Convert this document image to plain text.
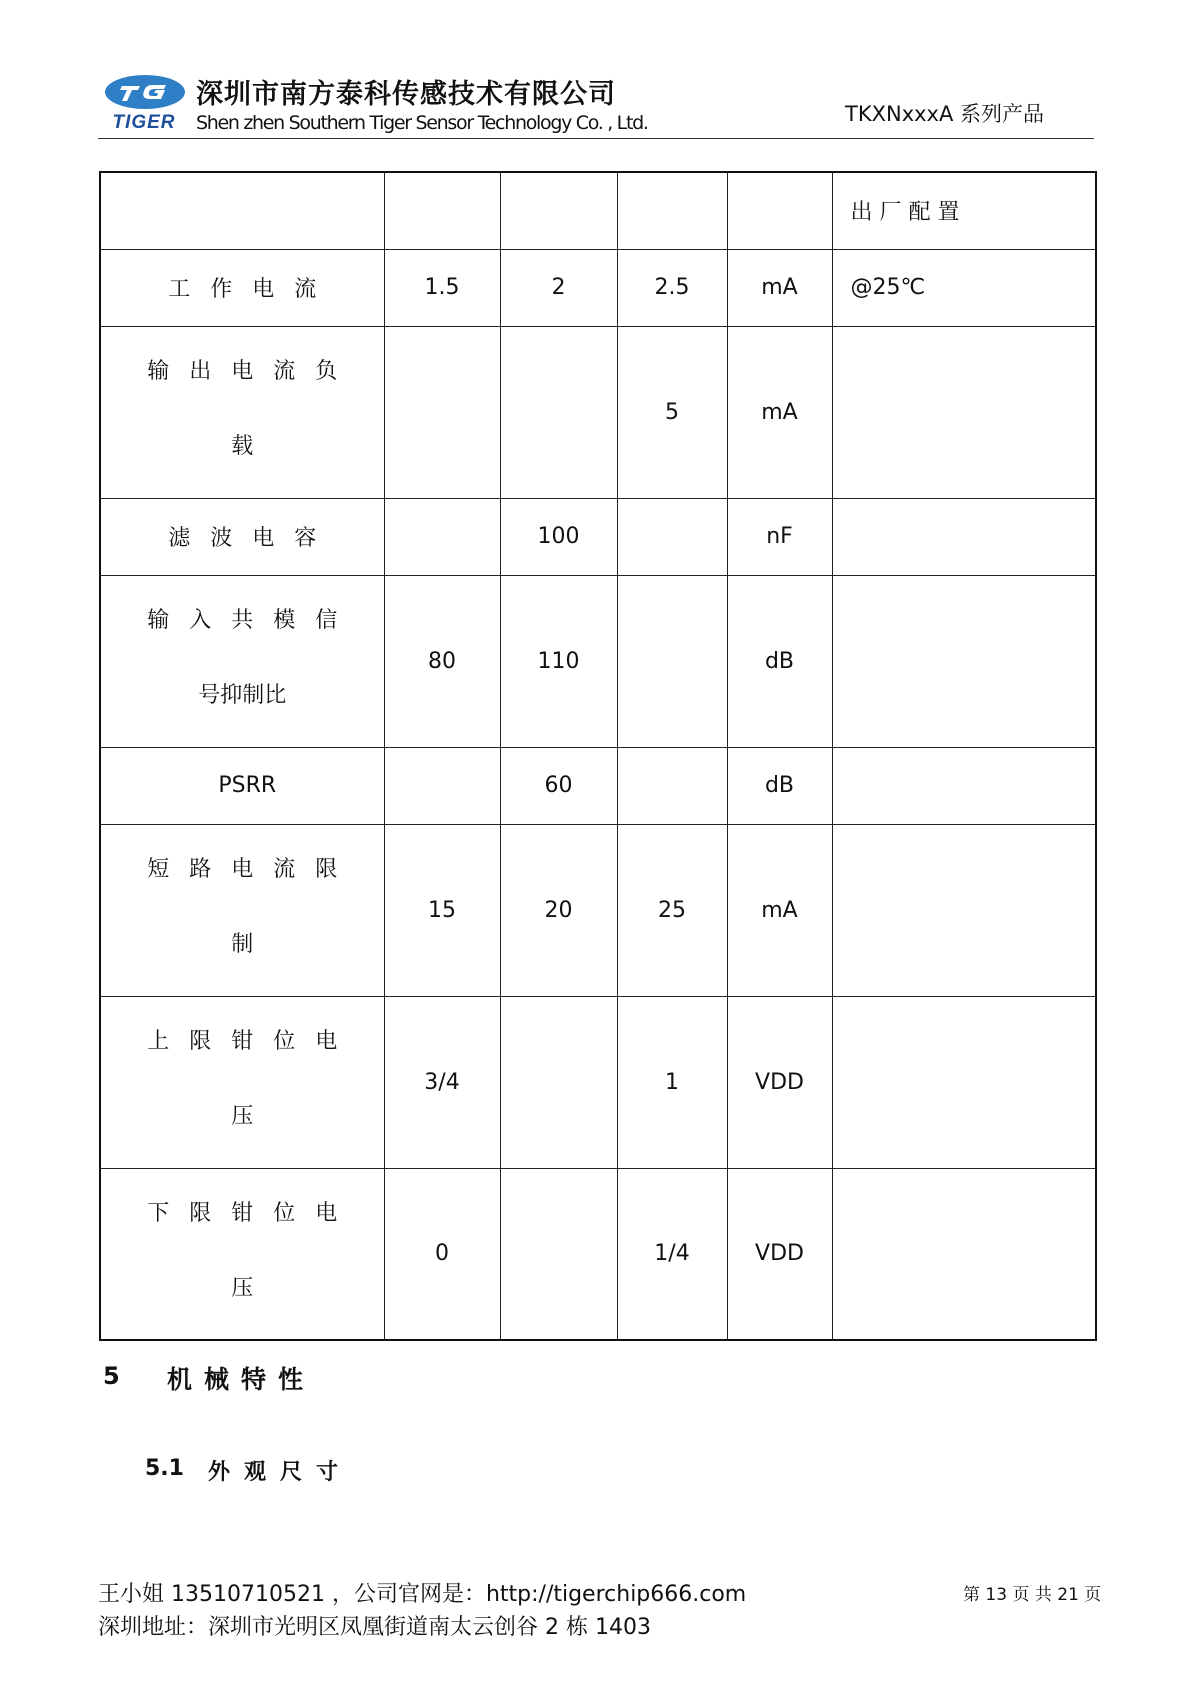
TIGER
深圳市南方泰科传感技术有限公司
Shen zhen Southern Tiger Sensor Technology Co. , Ltd.	TKXNxxxA 系列产品
					出 厂 配 置

工作电流	1.5	2	2.5	mA	@25℃

输出电流负
载			5	mA	

滤波电容		100		nF	

输入共模信
号抑制比	80	110		dB	

PSRR		60		dB	

短路电流限
制	15	20	25	mA	

上限钳位电
压	3/4		1	VDD	

下限钳位电
压	0		1/4	VDD	
5 机械特性
5.1 外观尺寸
王小姐 13510710521 ，公司官网是：http://tigerchip666.com
深圳地址：深圳市光明区凤凰街道南太云创谷 2 栋 1403
第 13 页 共 21 页
